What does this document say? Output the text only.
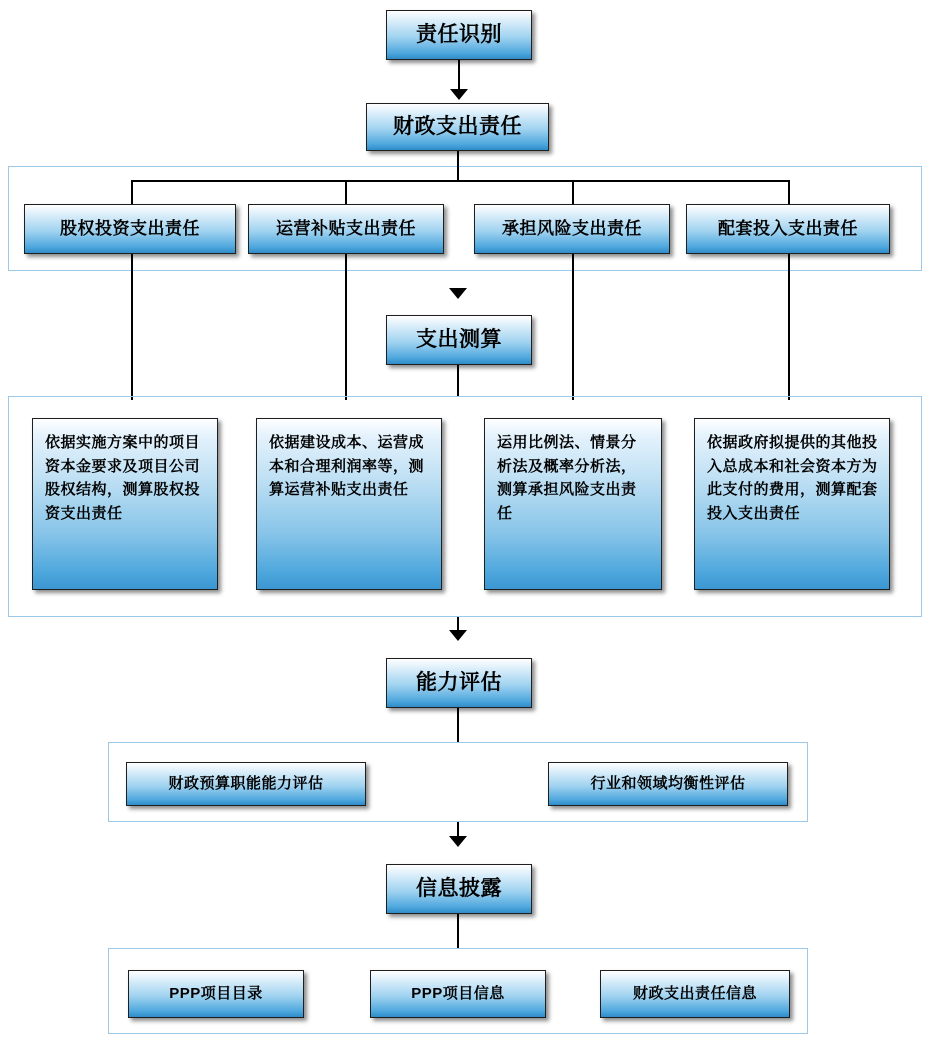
责任识别
财政支出责任
股权投资支出责任	运营补贴支出责任	承担风险支出责任	配套投入支出责任
支出测算
依据实施方案中的项目资本金要求及项目公司股权结构，测算股权投资支出责任
依据建设成本、运营成本和合理利润率等，测算运营补贴支出责任
运用比例法、情景分析法及概率分析法，测算承担风险支出责任
依据政府拟提供的其他投入总成本和社会资本方为此支付的费用，测算配套投入支出责任
能力评估
财政预算职能能力评估	行业和领域均衡性评估
信息披露
PPP项目目录	PPP项目信息	财政支出责任信息
